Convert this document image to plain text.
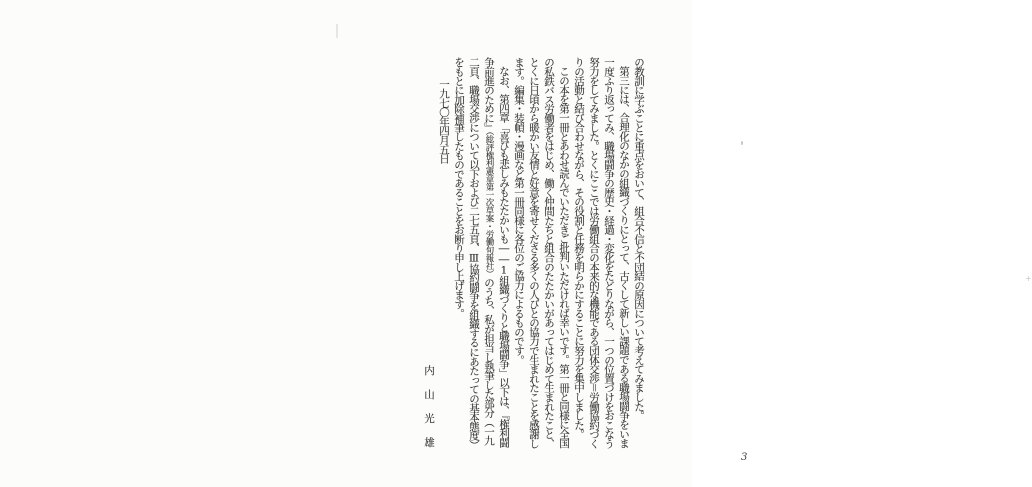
の教訓に学ぶことに重点をおいて、組合不信と不団結の原因について考えてみました。

第三には、合理化のなかの組織づくりにとって、古くして新しい課題である職場闘争をいま一度ふり返ってみ、職場闘争の歴史・経過・変化をたどりながら、一つの位置づけをおこなう努力をしてみました。とくにここでは労働組合の本来的な機能である団体交渉＝労働協約づくりの活動と結び合わせながら、その役割と任務を明らかにすることに努力を集中しました。

この本を第一冊とあわせ読んでいただきご批判いただければ幸いです。第一冊と同様に全国の私鉄バス労働者をはじめ、働く仲間たちと組合のたたかいがあってはじめて生まれたこと、とくに日頃から暖かい友情と好意を寄せくださる多くの人びとの協力で生まれたことを感謝します。編集・装幀・漫画など第一冊同様に各位のご協力によるものです。

なお、第四章「喜びも悲しみもたたかいも――1組織づくりと職場闘争」以下は、『権利闘争前進のために』（総評権利憲章第一次草案・労働旬報社）のうち、私が担当し執筆した部分（一九二頁、職場交渉について以下および二七五頁、Ⅲ協約闘争を組織するにあたっての基本態度）をもとに加除補筆したものであることをお断り申し上げます。

一九七〇年四月五日

内　山　光　雄

3
+
